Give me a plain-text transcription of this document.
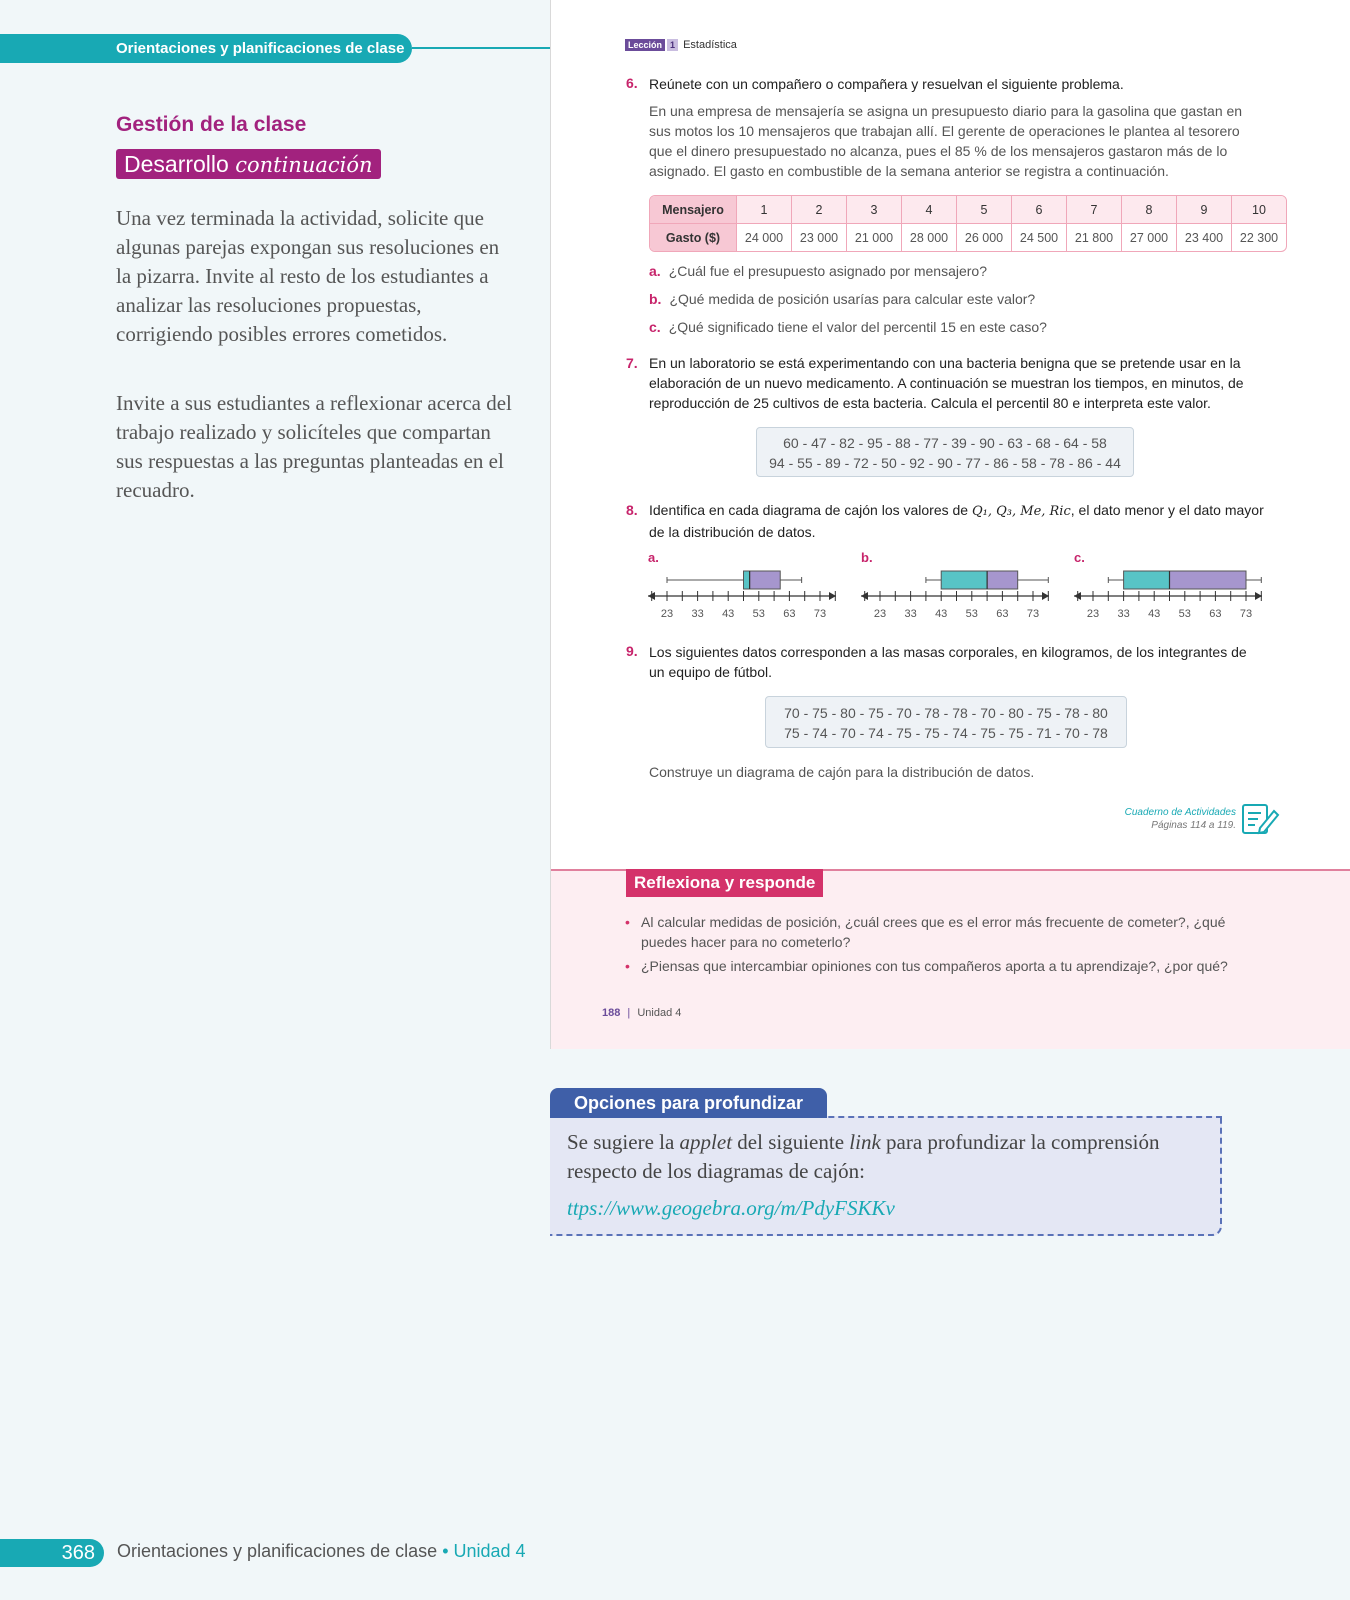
Orientaciones y planificaciones de clase
Gestión de la clase
Desarrollo continuación

Una vez terminada la actividad, solicite que algunas parejas expongan sus resoluciones en la pizarra. Invite al resto de los estudiantes a analizar las resoluciones propuestas, corrigiendo posibles errores cometidos.

Invite a sus estudiantes a reflexionar acerca del trabajo realizado y solicíteles que compartan sus respuestas a las preguntas planteadas en el recuadro.

Lección 1 Estadística
6. Reúnete con un compañero o compañera y resuelvan el siguiente problema.
En una empresa de mensajería se asigna un presupuesto diario para la gasolina que gastan en sus motos los 10 mensajeros que trabajan allí. El gerente de operaciones le plantea al tesorero que el dinero presupuestado no alcanza, pues el 85 % de los mensajeros gastaron más de lo asignado. El gasto en combustible de la semana anterior se registra a continuación.
Mensajero	1	2	3	4	5	6	7	8	9	10
Gasto ($)	24 000	23 000	21 000	28 000	26 000	24 500	21 800	27 000	23 400	22 300
a. ¿Cuál fue el presupuesto asignado por mensajero?
b. ¿Qué medida de posición usarías para calcular este valor?
c. ¿Qué significado tiene el valor del percentil 15 en este caso?
7. En un laboratorio se está experimentando con una bacteria benigna que se pretende usar en la elaboración de un nuevo medicamento. A continuación se muestran los tiempos, en minutos, de reproducción de 25 cultivos de esta bacteria. Calcula el percentil 80 e interpreta este valor.
60 - 47 - 82 - 95 - 88 - 77 - 39 - 90 - 63 - 68 - 64 - 58
94 - 55 - 89 - 72 - 50 - 92 - 90 - 77 - 86 - 58 - 78 - 86 - 44
8. Identifica en cada diagrama de cajón los valores de Q₁, Q₃, Me, Ric, el dato menor y el dato mayor de la distribución de datos.
a.
23 33 43 53 63 73
b.
23 33 43 53 63 73
c.
23 33 43 53 63 73
9. Los siguientes datos corresponden a las masas corporales, en kilogramos, de los integrantes de un equipo de fútbol.
70 - 75 - 80 - 75 - 70 - 78 - 78 - 70 - 80 - 75 - 78 - 80
75 - 74 - 70 - 74 - 75 - 75 - 74 - 75 - 75 - 71 - 70 - 78
Construye un diagrama de cajón para la distribución de datos.
Cuaderno de Actividades
Páginas 114 a 119.
Reflexiona y responde
• Al calcular medidas de posición, ¿cuál crees que es el error más frecuente de cometer?, ¿qué puedes hacer para no cometerlo?
• ¿Piensas que intercambiar opiniones con tus compañeros aporta a tu aprendizaje?, ¿por qué?
188 | Unidad 4
Opciones para profundizar
Se sugiere la applet del siguiente link para profundizar la comprensión respecto de los diagramas de cajón:
ttps://www.geogebra.org/m/PdyFSKKv
368	Orientaciones y planificaciones de clase • Unidad 4
